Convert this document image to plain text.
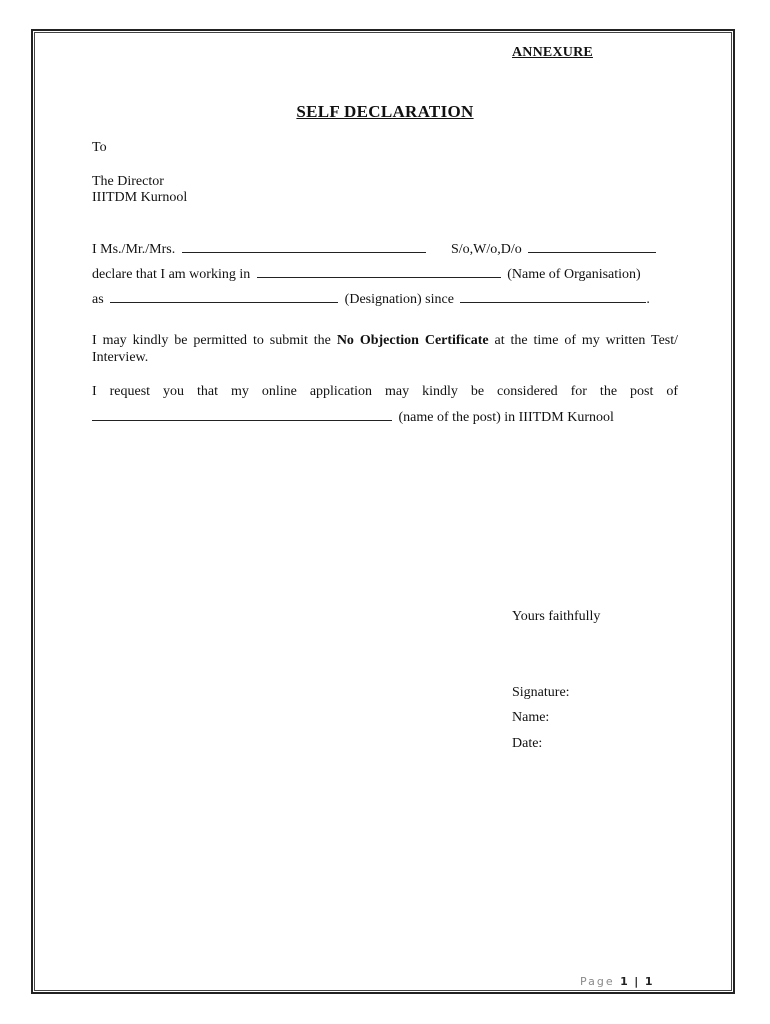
ANNEXURE
SELF DECLARATION
To
The Director
IIITDM Kurnool
I Ms./Mr./Mrs.	S/o,W/o,D/o
declare that I am working in	(Name of Organisation)
as	(Designation) since	.
I may kindly be permitted to submit the No Objection Certificate at the time of my written Test/ Interview.
I request you that my online application may kindly be considered for the post of
(name of the post) in IIITDM Kurnool
Yours faithfully
Signature:
Name:
Date:
Page 1 | 1
